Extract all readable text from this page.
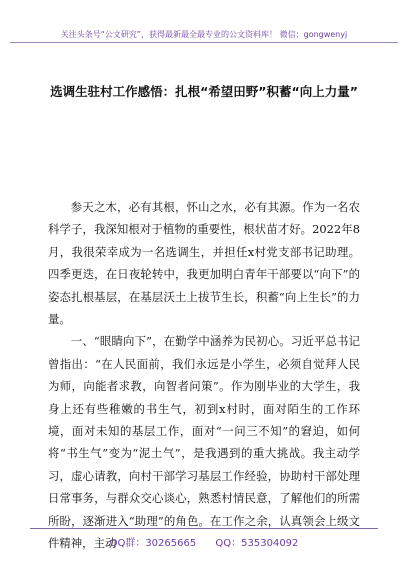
关注头条号“公文研究”，获得最新最全最专业的公文资料库！ 微信：gongwenyj
选调生驻村工作感悟：扎根“希望田野”积蓄“向上力量”

参天之木，必有其根，怀山之水，必有其源。作为一名农科学子，我深知根对于植物的重要性，根状苗才好。2022年8月，我很荣幸成为一名选调生，并担任x村党支部书记助理。四季更迭，在日夜轮转中，我更加明白青年干部要以“向下”的姿态扎根基层，在基层沃土上拔节生长，积蓄“向上生长”的力量。

一、“眼睛向下”，在勤学中涵养为民初心。习近平总书记曾指出：“在人民面前，我们永远是小学生，必须自觉拜人民为师，向能者求教，向智者问策”。作为刚毕业的大学生，我身上还有些稚嫩的书生气，初到x村时，面对陌生的工作环境，面对未知的基层工作，面对“一问三不知”的窘迫，如何将“书生气”变为“泥土气”，是我遇到的重大挑战。我主动学习，虚心请教，向村干部学习基层工作经验，协助村干部处理日常事务，与群众交心谈心，熟悉村情民意，了解他们的所需所盼，逐渐进入“助理”的角色。在工作之余，认真领会上级文件精神，主动

QQ群：30265665 QQ：535304092
